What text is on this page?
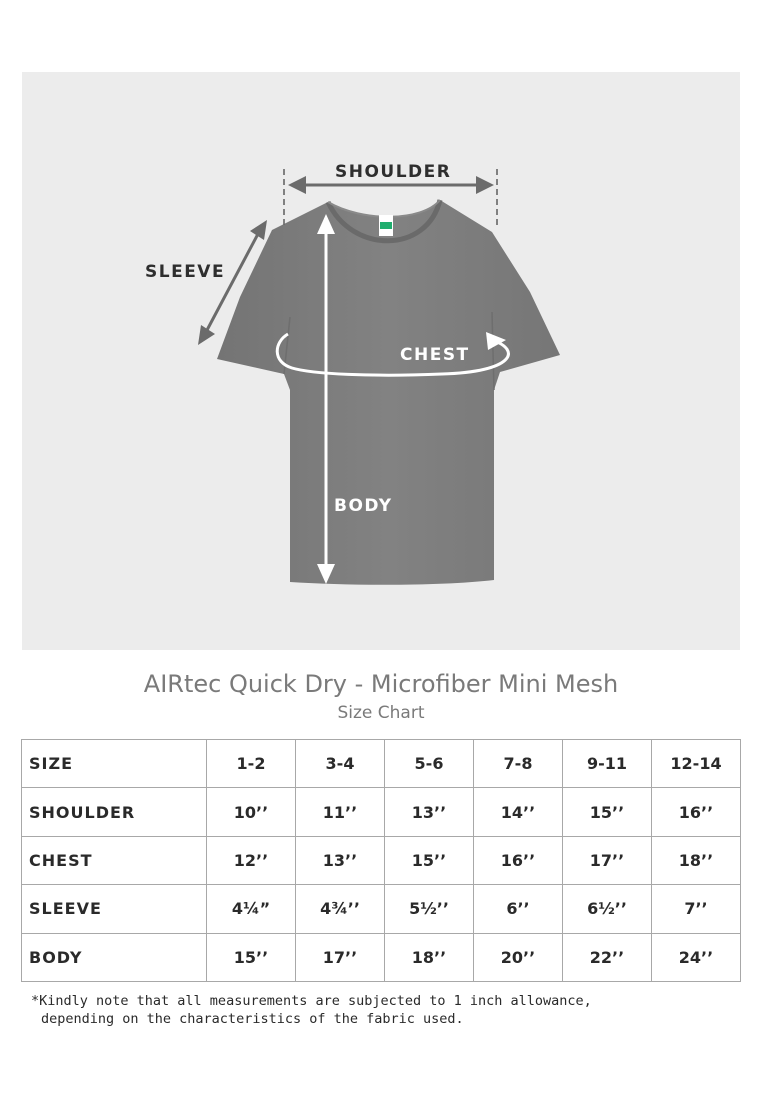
SHOULDER
SLEEVE
CHEST
BODY
AIRtec Quick Dry - Microfiber Mini Mesh
Size Chart
SIZE	1-2	3-4	5-6	7-8	9-11	12-14
SHOULDER	10’’	11’’	13’’	14’’	15’’	16’’
CHEST	12’’	13’’	15’’	16’’	17’’	18’’
SLEEVE	4¼”	4¾’’	5½’’	6’’	6½’’	7’’
BODY	15’’	17’’	18’’	20’’	22’’	24’’
*Kindly note that all measurements are subjected to 1 inch allowance,
depending on the characteristics of the fabric used.
